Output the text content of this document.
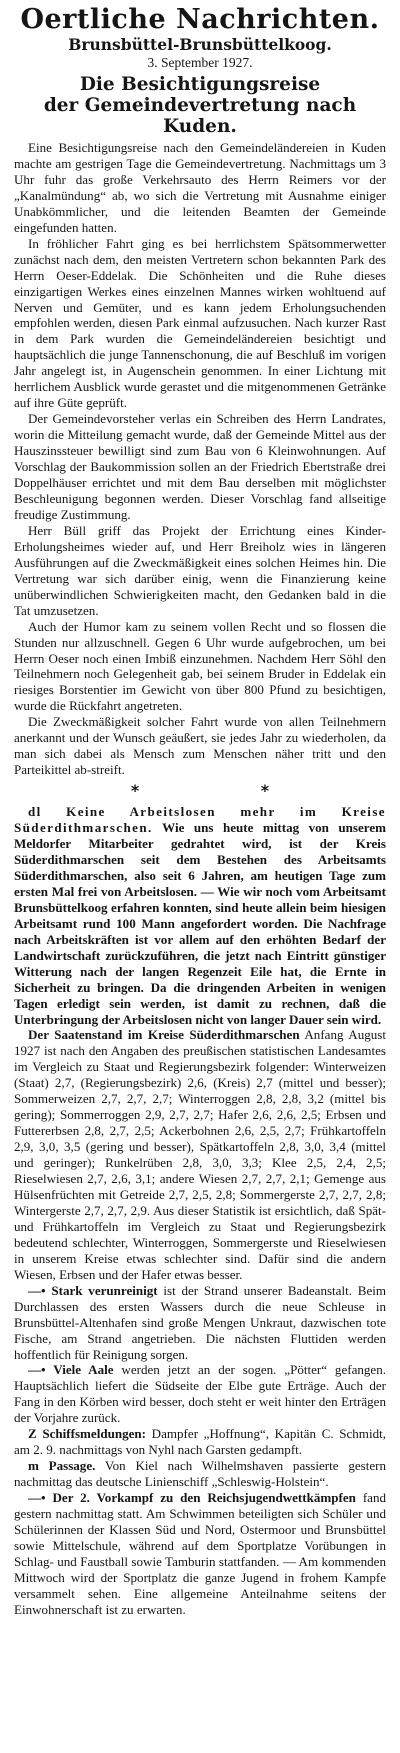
Oertliche Nachrichten.
Brunsbüttel-Brunsbüttelkoog.
3. September 1927.
Die Besichtigungsreise
der Gemeindevertretung nach Kuden.

Eine Besichtigungsreise nach den Gemeindeländereien in Kuden machte am gestrigen Tage die Gemeindevertretung. Nachmittags um 3 Uhr fuhr das große Verkehrsauto des Herrn Reimers vor der „Kanalmündung“ ab, wo sich die Vertretung mit Ausnahme einiger Unabkömmlicher, und die leitenden Beamten der Gemeinde eingefunden hatten.

In fröhlicher Fahrt ging es bei herrlichstem Spätsommerwetter zunächst nach dem, den meisten Vertretern schon bekannten Park des Herrn Oeser-Eddelak. Die Schönheiten und die Ruhe dieses einzigartigen Werkes eines einzelnen Mannes wirken wohltuend auf Nerven und Gemüter, und es kann jedem Erholungsuchenden empfohlen werden, diesen Park einmal aufzusuchen. Nach kurzer Rast in dem Park wurden die Gemeindeländereien besichtigt und hauptsächlich die junge Tannenschonung, die auf Beschluß im vorigen Jahr angelegt ist, in Augenschein genommen. In einer Lichtung mit herrlichem Ausblick wurde gerastet und die mitgenommenen Getränke auf ihre Güte geprüft.

Der Gemeindevorsteher verlas ein Schreiben des Herrn Landrates, worin die Mitteilung gemacht wurde, daß der Gemeinde Mittel aus der Hauszinssteuer bewilligt sind zum Bau von 6 Kleinwohnungen. Auf Vorschlag der Baukommission sollen an der Friedrich Ebertstraße drei Doppelhäuser errichtet und mit dem Bau derselben mit möglichster Beschleunigung begonnen werden. Dieser Vorschlag fand allseitige freudige Zustimmung.

Herr Büll griff das Projekt der Errichtung eines Kinder-Erholungsheimes wieder auf, und Herr Breiholz wies in längeren Ausführungen auf die Zweckmäßigkeit eines solchen Heimes hin. Die Vertretung war sich darüber einig, wenn die Finanzierung keine unüberwindlichen Schwierigkeiten macht, den Gedanken bald in die Tat umzusetzen.

Auch der Humor kam zu seinem vollen Recht und so flossen die Stunden nur allzuschnell. Gegen 6 Uhr wurde aufgebrochen, um bei Herrn Oeser noch einen Imbiß einzunehmen. Nachdem Herr Söhl den Teilnehmern noch Gelegenheit gab, bei seinem Bruder in Eddelak ein riesiges Borstentier im Gewicht von über 800 Pfund zu besichtigen, wurde die Rückfahrt angetreten.

Die Zweckmäßigkeit solcher Fahrt wurde von allen Teilnehmern anerkannt und der Wunsch geäußert, sie jedes Jahr zu wiederholen, da man sich dabei als Mensch zum Menschen näher tritt und den Parteikittel ab-streift.

* *

dl Keine Arbeitslosen mehr im Kreise Süderdithmarschen. Wie uns heute mittag von unserem Meldorfer Mitarbeiter gedrahtet wird, ist der Kreis Süderdithmarschen seit dem Bestehen des Arbeitsamts Süderdithmarschen, also seit 6 Jahren, am heutigen Tage zum ersten Mal frei von Arbeitslosen. — Wie wir noch vom Arbeitsamt Brunsbüttelkoog erfahren konnten, sind heute allein beim hiesigen Arbeitsamt rund 100 Mann angefordert worden. Die Nachfrage nach Arbeitskräften ist vor allem auf den erhöhten Bedarf der Landwirtschaft zurückzuführen, die jetzt nach Eintritt günstiger Witterung nach der langen Regenzeit Eile hat, die Ernte in Sicherheit zu bringen. Da die dringenden Arbeiten in wenigen Tagen erledigt sein werden, ist damit zu rechnen, daß die Unterbringung der Arbeitslosen nicht von langer Dauer sein wird.

Der Saatenstand im Kreise Süderdithmarschen Anfang August 1927 ist nach den Angaben des preußischen statistischen Landesamtes im Vergleich zu Staat und Regierungsbezirk folgender: Winterweizen (Staat) 2,7, (Regierungsbezirk) 2,6, (Kreis) 2,7 (mittel und besser); Sommerweizen 2,7, 2,7, 2,7; Winterroggen 2,8, 2,8, 3,2 (mittel bis gering); Sommerroggen 2,9, 2,7, 2,7; Hafer 2,6, 2,6, 2,5; Erbsen und Futtererbsen 2,8, 2,7, 2,5; Ackerbohnen 2,6, 2,5, 2,7; Frühkartoffeln 2,9, 3,0, 3,5 (gering und besser), Spätkartoffeln 2,8, 3,0, 3,4 (mittel und geringer); Runkelrüben 2,8, 3,0, 3,3; Klee 2,5, 2,4, 2,5; Rieselwiesen 2,7, 2,6, 3,1; andere Wiesen 2,7, 2,7, 2,1; Gemenge aus Hülsenfrüchten mit Getreide 2,7, 2,5, 2,8; Sommergerste 2,7, 2,7, 2,8; Wintergerste 2,7, 2,7, 2,9. Aus dieser Statistik ist ersichtlich, daß Spät- und Frühkartoffeln im Vergleich zu Staat und Regierungsbezirk bedeutend schlechter, Winterroggen, Sommergerste und Rieselwiesen in unserem Kreise etwas schlechter sind. Dafür sind die andern Wiesen, Erbsen und der Hafer etwas besser.

—• Stark verunreinigt ist der Strand unserer Badeanstalt. Beim Durchlassen des ersten Wassers durch die neue Schleuse in Brunsbüttel-Altenhafen sind große Mengen Unkraut, dazwischen tote Fische, am Strand angetrieben. Die nächsten Fluttiden werden hoffentlich für Reinigung sorgen.

—• Viele Aale werden jetzt an der sogen. „Pötter“ gefangen. Hauptsächlich liefert die Südseite der Elbe gute Erträge. Auch der Fang in den Körben wird besser, doch steht er weit hinter den Erträgen der Vorjahre zurück.

Z Schiffsmeldungen: Dampfer „Hoffnung“, Kapitän C. Schmidt, am 2. 9. nachmittags von Nyhl nach Garsten gedampft.

m Passage. Von Kiel nach Wilhelmshaven passierte gestern nachmittag das deutsche Linienschiff „Schleswig-Holstein“.

—• Der 2. Vorkampf zu den Reichsjugendwettkämpfen fand gestern nachmittag statt. Am Schwimmen beteiligten sich Schüler und Schülerinnen der Klassen Süd und Nord, Ostermoor und Brunsbüttel sowie Mittelschule, während auf dem Sportplatze Vorübungen in Schlag- und Faustball sowie Tamburin stattfanden. — Am kommenden Mittwoch wird der Sportplatz die ganze Jugend in frohem Kampfe versammelt sehen. Eine allgemeine Anteilnahme seitens der Einwohnerschaft ist zu erwarten.
